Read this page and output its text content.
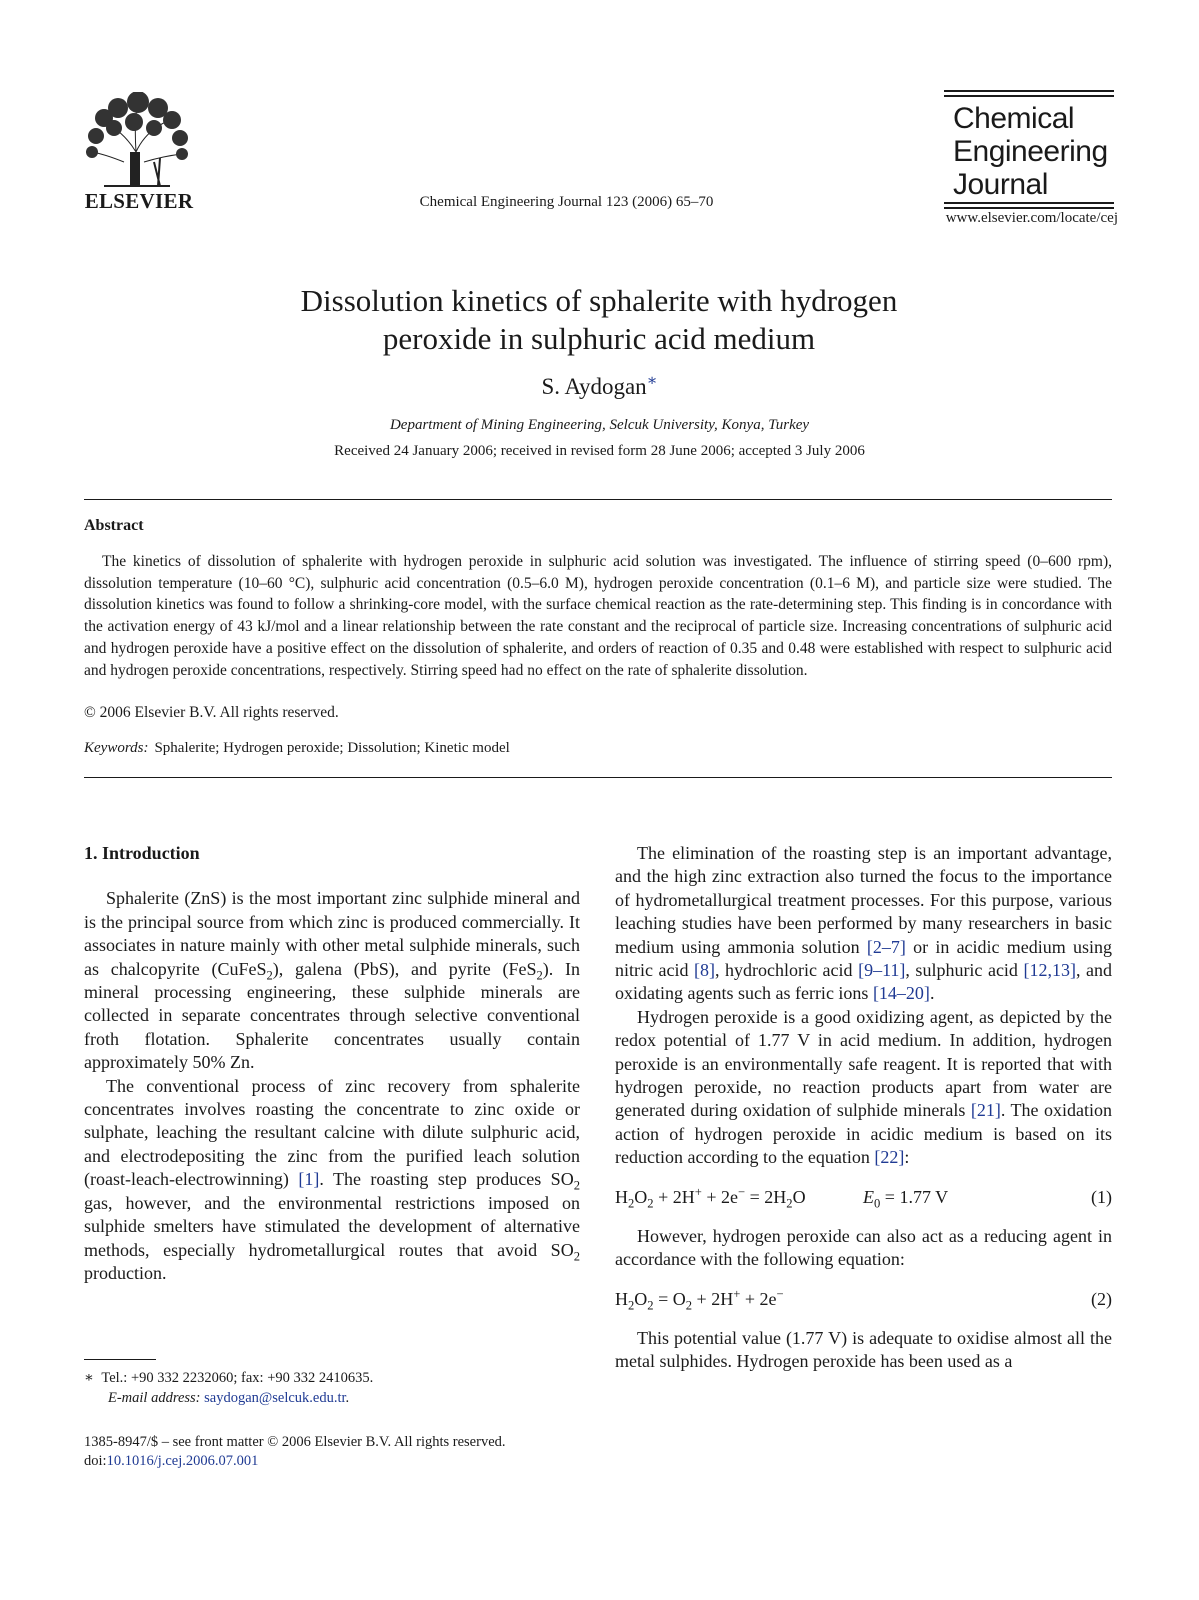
ELSEVIER	Chemical Engineering Journal 123 (2006) 65–70
Chemical
Engineering
Journal
www.elsevier.com/locate/cej
Dissolution kinetics of sphalerite with hydrogen
peroxide in sulphuric acid medium
S. Aydogan∗
Department of Mining Engineering, Selcuk University, Konya, Turkey
Received 24 January 2006; received in revised form 28 June 2006; accepted 3 July 2006
Abstract
The kinetics of dissolution of sphalerite with hydrogen peroxide in sulphuric acid solution was investigated. The influence of stirring speed (0–600 rpm), dissolution temperature (10–60 °C), sulphuric acid concentration (0.5–6.0 M), hydrogen peroxide concentration (0.1–6 M), and particle size were studied. The dissolution kinetics was found to follow a shrinking-core model, with the surface chemical reaction as the rate-determining step. This finding is in concordance with the activation energy of 43 kJ/mol and a linear relationship between the rate constant and the reciprocal of particle size. Increasing concentrations of sulphuric acid and hydrogen peroxide have a positive effect on the dissolution of sphalerite, and orders of reaction of 0.35 and 0.48 were established with respect to sulphuric acid and hydrogen peroxide concentrations, respectively. Stirring speed had no effect on the rate of sphalerite dissolution.
© 2006 Elsevier B.V. All rights reserved.
Keywords: Sphalerite; Hydrogen peroxide; Dissolution; Kinetic model
1. Introduction

Sphalerite (ZnS) is the most important zinc sulphide mineral and is the principal source from which zinc is produced commercially. It associates in nature mainly with other metal sulphide minerals, such as chalcopyrite (CuFeS$_2$), galena (PbS), and pyrite (FeS$_2$). In mineral processing engineering, these sulphide minerals are collected in separate concentrates through selective conventional froth flotation. Sphalerite concentrates usually contain approximately 50% Zn.

The conventional process of zinc recovery from sphalerite concentrates involves roasting the concentrate to zinc oxide or sulphate, leaching the resultant calcine with dilute sulphuric acid, and electrodepositing the zinc from the purified leach solution (roast-leach-electrowinning) [1]. The roasting step produces $SO_2$ gas, however, and the environmental restrictions imposed on sulphide smelters have stimulated the development of alternative methods, especially hydrometallurgical routes that avoid $SO_2$ production.

The elimination of the roasting step is an important advantage, and the high zinc extraction also turned the focus to the importance of hydrometallurgical treatment processes. For this purpose, various leaching studies have been performed by many researchers in basic medium using ammonia solution [2–7] or in acidic medium using nitric acid [8], hydrochloric acid [9–11], sulphuric acid [12,13], and oxidating agents such as ferric ions [14–20].

Hydrogen peroxide is a good oxidizing agent, as depicted by the redox potential of 1.77 V in acid medium. In addition, hydrogen peroxide is an environmentally safe reagent. It is reported that with hydrogen peroxide, no reaction products apart from water are generated during oxidation of sulphide minerals [21]. The oxidation action of hydrogen peroxide in acidic medium is based on its reduction according to the equation [22]:

$H_2O_2 + 2H^+ + 2e^- = 2H_2O$	$E_0 = 1.77$ V	(1)

However, hydrogen peroxide can also act as a reducing agent in accordance with the following equation:

$H_2O_2 = O_2 + 2H^+ + 2e^-$	(2)

This potential value (1.77 V) is adequate to oxidise almost all the metal sulphides. Hydrogen peroxide has been used as a

∗ Tel.: +90 332 2232060; fax: +90 332 2410635.
E-mail address: saydogan@selcuk.edu.tr.
1385-8947/$ – see front matter © 2006 Elsevier B.V. All rights reserved.
doi:10.1016/j.cej.2006.07.001
